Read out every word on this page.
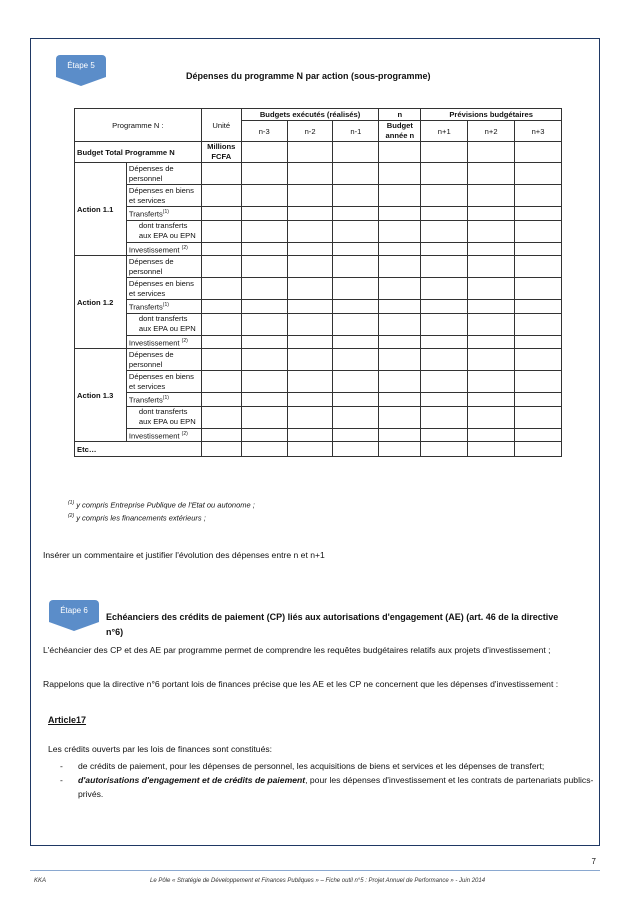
Étape 5
Dépenses du programme N par action (sous-programme)
Programme N :		Unité	Budgets exécutés (réalisés)			n	Prévisions budgétaires		
			n-3	n-2	n-1	Budget année n	n+1	n+2	n+3
Budget Total Programme N		Millions FCFA							
Action 1.1	Dépenses de personnel								
	Dépenses en biens et services								
	Transferts$^{(1)}$								
	dont transferts aux EPA ou EPN								
	Investissement $^{(2)}$								
Action 1.2	Dépenses de personnel								
	Dépenses en biens et services								
	Transferts$^{(1)}$								
	dont transferts aux EPA ou EPN								
	Investissement $^{(2)}$								
Action 1.3	Dépenses de personnel								
	Dépenses en biens et services								
	Transferts$^{(1)}$								
	dont transferts aux EPA ou EPN								
	Investissement $^{(2)}$								
Etc…									
$^{(1)}$ y compris Entreprise Publique de l'Etat ou autonome ;
$^{(2)}$ y compris les financements extérieurs ;
Insérer un commentaire et justifier l'évolution des dépenses entre n et n+1
Étape 6
Echéanciers des crédits de paiement (CP) liés aux autorisations d'engagement (AE) (art. 46 de la directive n°6)
L'échéancier des CP et des AE par programme permet de comprendre les requêtes budgétaires relatifs aux projets d'investissement ;
Rappelons que la directive n°6 portant lois de finances précise que les AE et les CP ne concernent que les dépenses d'investissement :
Article17
Les crédits ouverts par les lois de finances sont constitués:
- de crédits de paiement, pour les dépenses de personnel, les acquisitions de biens et services et les dépenses de transfert;
- d'autorisations d'engagement et de crédits de paiement, pour les dépenses d'investissement et les contrats de partenariats publics-privés.
7
KKA	Le Pôle « Stratégie de Développement et Finances Publiques » – Fiche outil n°5 : Projet Annuel de Performance » - Juin 2014
